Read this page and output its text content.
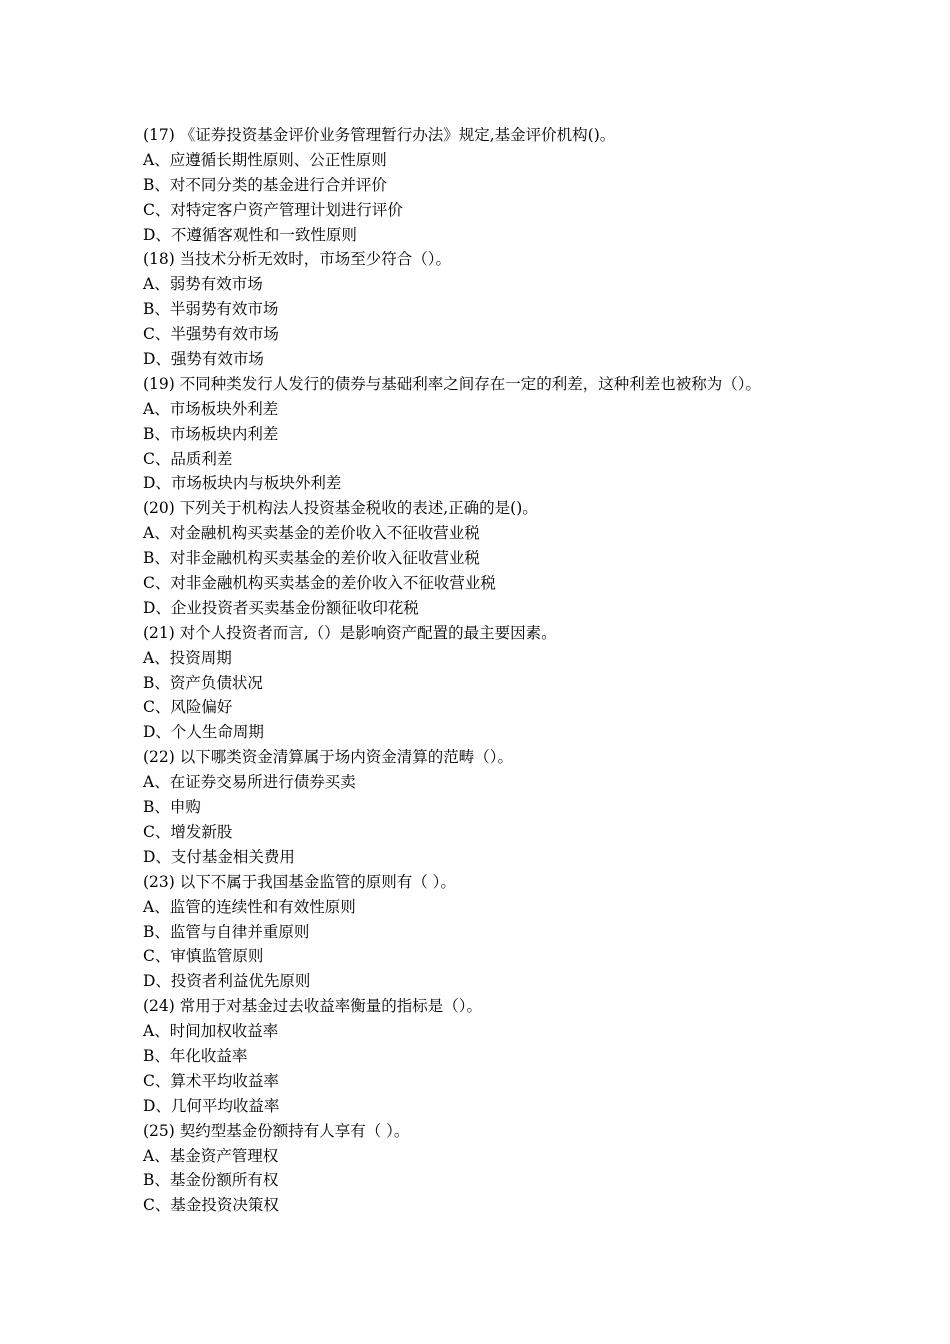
(17) 《证券投资基金评价业务管理暂行办法》规定,基金评价机构()。
A、应遵循长期性原则、公正性原则
B、对不同分类的基金进行合并评价
C、对特定客户资产管理计划进行评价
D、不遵循客观性和一致性原则
(18) 当技术分析无效时，市场至少符合（）。
A、弱势有效市场
B、半弱势有效市场
C、半强势有效市场
D、强势有效市场
(19) 不同种类发行人发行的债券与基础利率之间存在一定的利差，这种利差也被称为（）。
A、市场板块外利差
B、市场板块内利差
C、品质利差
D、市场板块内与板块外利差
(20) 下列关于机构法人投资基金税收的表述,正确的是()。
A、对金融机构买卖基金的差价收入不征收营业税
B、对非金融机构买卖基金的差价收入征收营业税
C、对非金融机构买卖基金的差价收入不征收营业税
D、企业投资者买卖基金份额征收印花税
(21) 对个人投资者而言,（）是影响资产配置的最主要因素。
A、投资周期
B、资产负债状况
C、风险偏好
D、个人生命周期
(22) 以下哪类资金清算属于场内资金清算的范畴（）。
A、在证券交易所进行债券买卖
B、申购
C、增发新股
D、支付基金相关费用
(23) 以下不属于我国基金监管的原则有（ ）。
A、监管的连续性和有效性原则
B、监管与自律并重原则
C、审慎监管原则
D、投资者利益优先原则
(24) 常用于对基金过去收益率衡量的指标是（）。
A、时间加权收益率
B、年化收益率
C、算术平均收益率
D、几何平均收益率
(25) 契约型基金份额持有人享有（ ）。
A、基金资产管理权
B、基金份额所有权
C、基金投资决策权
